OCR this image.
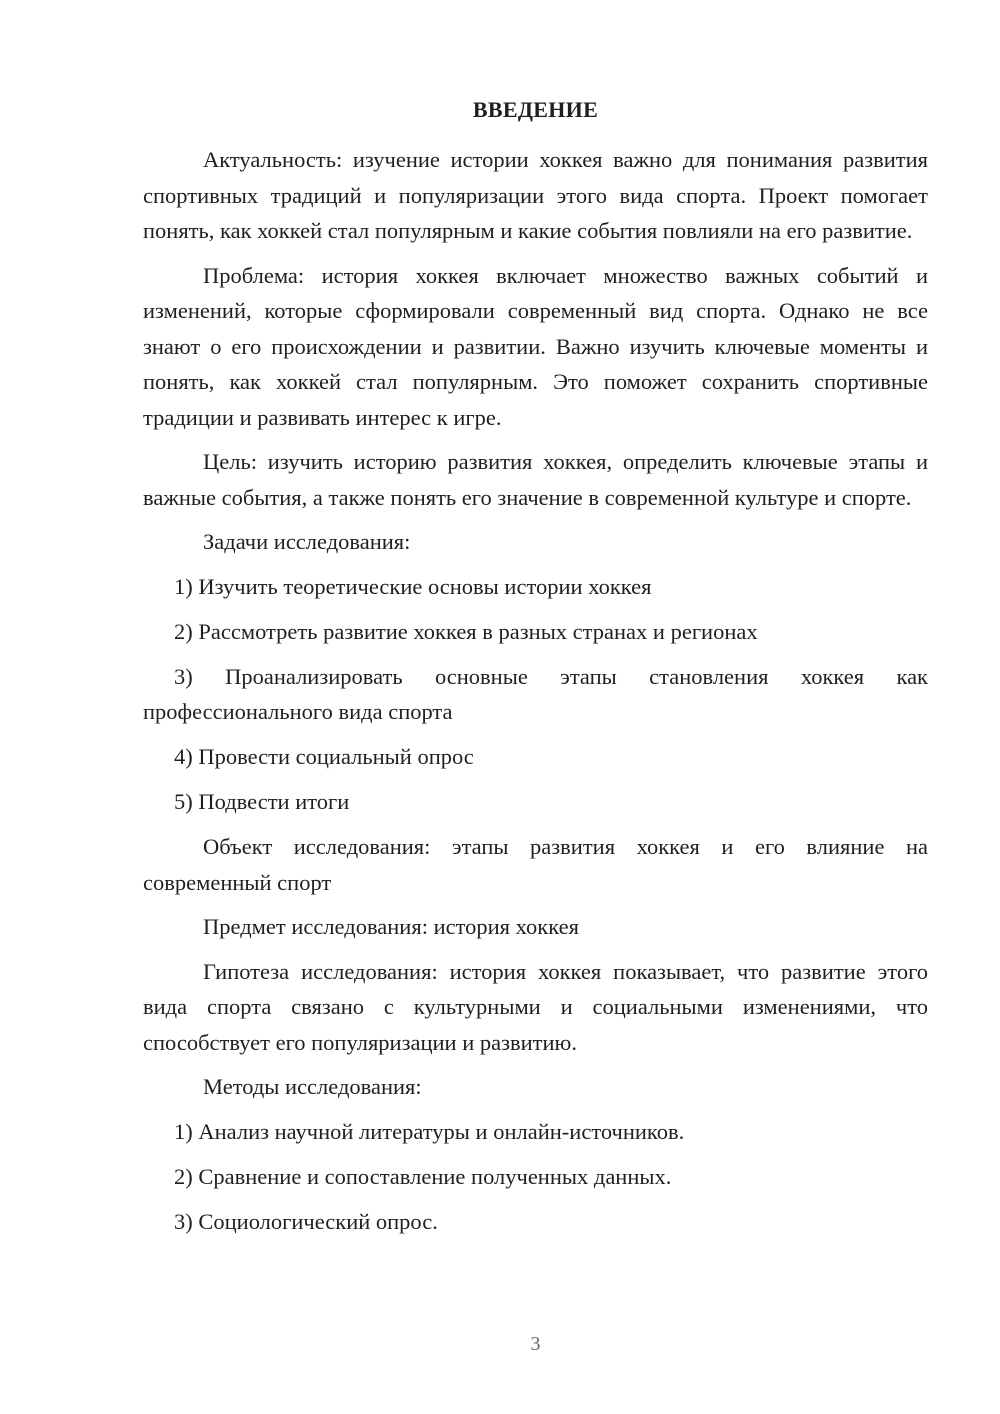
ВВЕДЕНИЕ

Актуальность: изучение истории хоккея важно для понимания развития спортивных традиций и популяризации этого вида спорта. Проект помогает понять, как хоккей стал популярным и какие события повлияли на его развитие.

Проблема: история хоккея включает множество важных событий и изменений, которые сформировали современный вид спорта. Однако не все знают о его происхождении и развитии. Важно изучить ключевые моменты и понять, как хоккей стал популярным. Это поможет сохранить спортивные традиции и развивать интерес к игре.

Цель: изучить историю развития хоккея, определить ключевые этапы и важные события, а также понять его значение в современной культуре и спорте.

Задачи исследования:

1) Изучить теоретические основы истории хоккея

2) Рассмотреть развитие хоккея в разных странах и регионах

3) Проанализировать основные этапы становления хоккея как профессионального вида спорта

4) Провести социальный опрос

5) Подвести итоги

Объект исследования: этапы развития хоккея и его влияние на современный спорт

Предмет исследования: история хоккея

Гипотеза исследования: история хоккея показывает, что развитие этого вида спорта связано с культурными и социальными изменениями, что способствует его популяризации и развитию.

Методы исследования:

1) Анализ научной литературы и онлайн-источников.

2) Сравнение и сопоставление полученных данных.

3) Социологический опрос.

3
